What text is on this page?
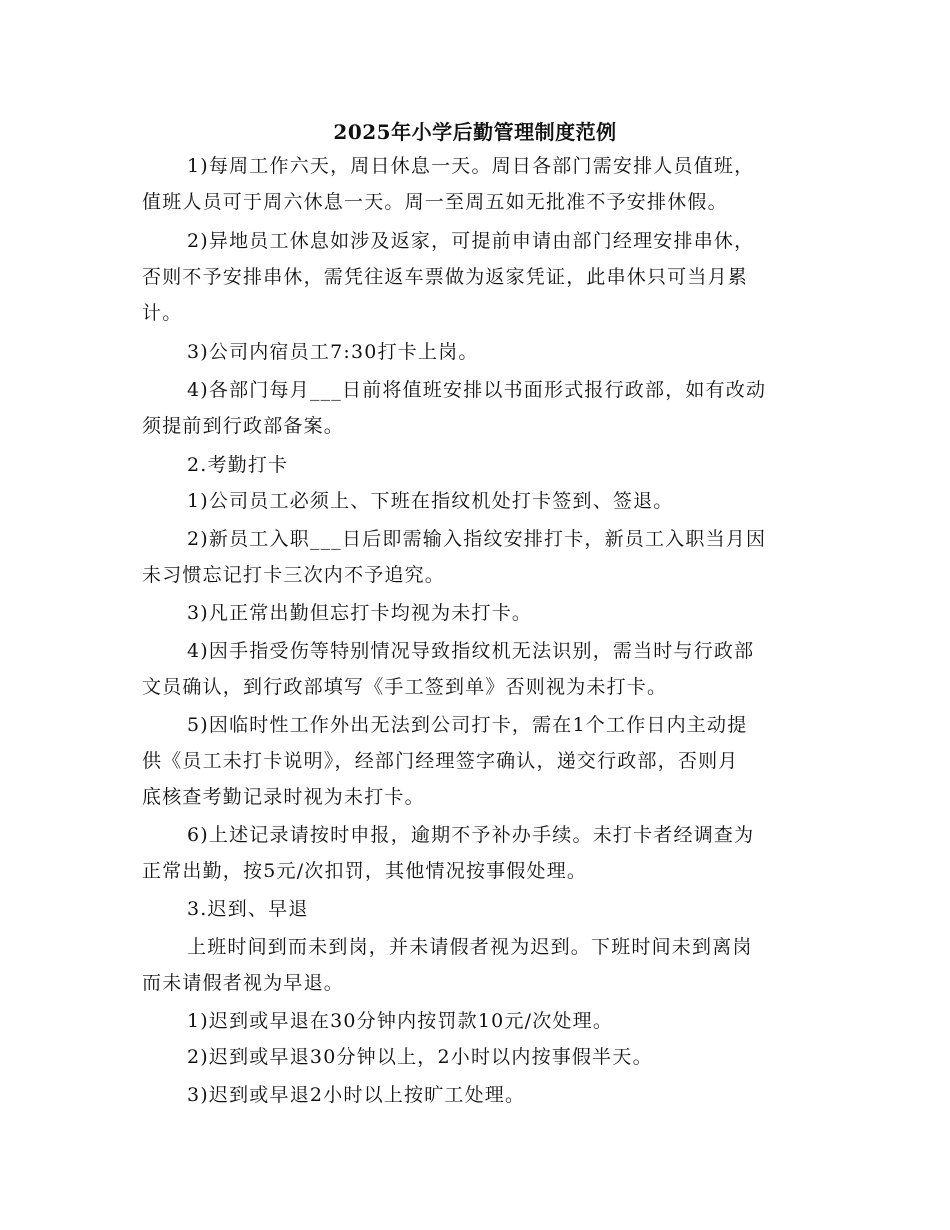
2025年小学后勤管理制度范例
1)每周工作六天，周日休息一天。周日各部门需安排人员值班，
值班人员可于周六休息一天。周一至周五如无批准不予安排休假。
2)异地员工休息如涉及返家，可提前申请由部门经理安排串休，
否则不予安排串休，需凭往返车票做为返家凭证，此串休只可当月累
计。
3)公司内宿员工7:30打卡上岗。
4)各部门每月___日前将值班安排以书面形式报行政部，如有改动
须提前到行政部备案。
2.考勤打卡
1)公司员工必须上、下班在指纹机处打卡签到、签退。
2)新员工入职___日后即需输入指纹安排打卡，新员工入职当月因
未习惯忘记打卡三次内不予追究。
3)凡正常出勤但忘打卡均视为未打卡。
4)因手指受伤等特别情况导致指纹机无法识别，需当时与行政部
文员确认，到行政部填写《手工签到单》否则视为未打卡。
5)因临时性工作外出无法到公司打卡，需在1个工作日内主动提
供《员工未打卡说明》，经部门经理签字确认，递交行政部，否则月
底核查考勤记录时视为未打卡。
6)上述记录请按时申报，逾期不予补办手续。未打卡者经调查为
正常出勤，按5元/次扣罚，其他情况按事假处理。
3.迟到、早退
上班时间到而未到岗，并未请假者视为迟到。下班时间未到离岗
而未请假者视为早退。
1)迟到或早退在30分钟内按罚款10元/次处理。
2)迟到或早退30分钟以上，2小时以内按事假半天。
3)迟到或早退2小时以上按旷工处理。
